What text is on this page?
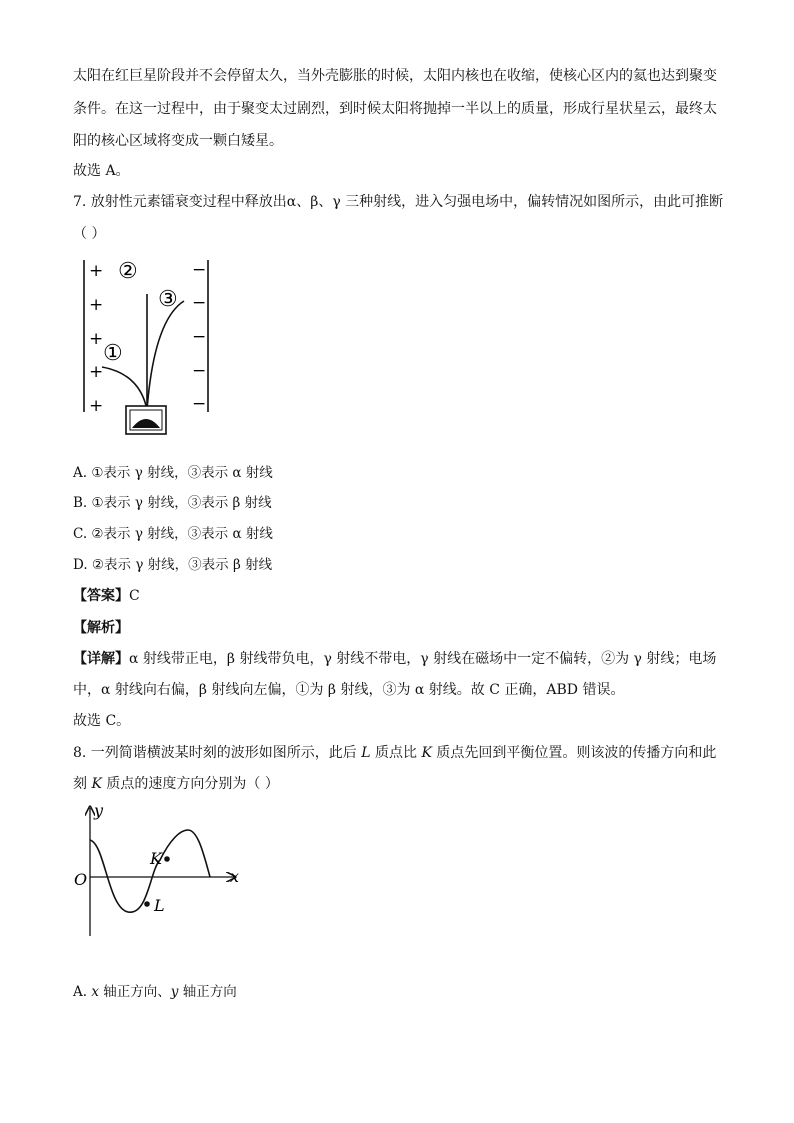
太阳在红巨星阶段并不会停留太久，当外壳膨胀的时候，太阳内核也在收缩，使核心区内的氦也达到聚变
条件。在这一过程中，由于聚变太过剧烈，到时候太阳将抛掉一半以上的质量，形成行星状星云，最终太
阳的核心区域将变成一颗白矮星。
故选 A。
7. 放射性元素镭衰变过程中释放出α、β、γ 三种射线，进入匀强电场中，偏转情况如图所示，由此可推断
（ ）
+
+
+
+
+
−
−
−
−
−
②
③
①
A. ①表示 γ 射线，③表示 α 射线
B. ①表示 γ 射线，③表示 β 射线
C. ②表示 γ 射线，③表示 α 射线
D. ②表示 γ 射线，③表示 β 射线
【答案】C
【解析】
【详解】α 射线带正电，β 射线带负电，γ 射线不带电，γ 射线在磁场中一定不偏转，②为 γ 射线；电场
中，α 射线向右偏，β 射线向左偏，①为 β 射线，③为 α 射线。故 C 正确，ABD 错误。
故选 C。
8. 一列简谐横波某时刻的波形如图所示，此后 L 质点比 K 质点先回到平衡位置。则该波的传播方向和此
刻 K 质点的速度方向分别为（ ）
y
x
O
K
L
A. x 轴正方向、y 轴正方向
